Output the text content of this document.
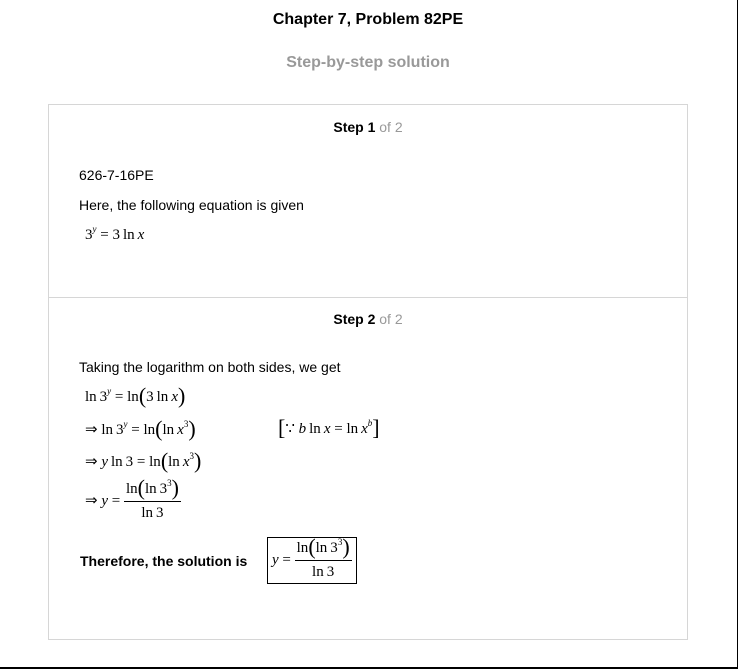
Chapter 7, Problem 82PE
Step-by-step solution
Step 1 of 2
626-7-16PE
Here, the following equation is given
$3^y = 3$ ln x
Step 2 of 2
Taking the logarithm on both sides, we get
$\ln 3^y = \ln(3$ ln x)
⇒ $\ln 3^y = \ln(\ln$ $x^3$)	[∵ b $\ln x = \ln x^b$]
⇒ y ln 3 = ln(ln $x^3$)
⇒ $y = \frac{\ln(\ln 3^3)}{\ln 3}$
Therefore, the solution is	$y = \frac{\ln(\ln 3^3)}{\ln 3}$
